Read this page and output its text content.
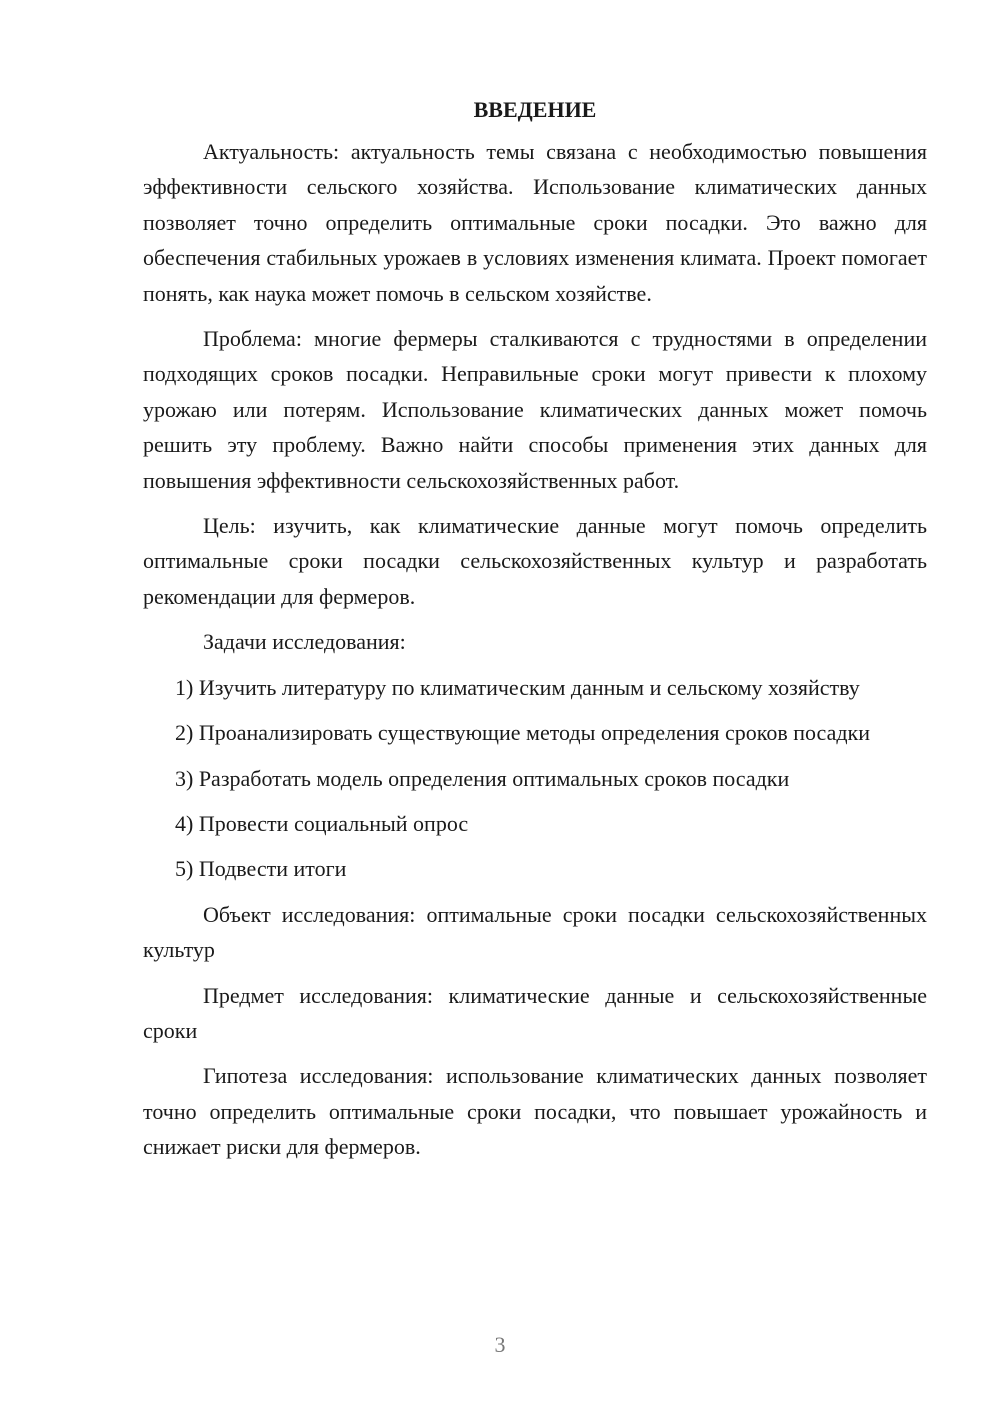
ВВЕДЕНИЕ

Актуальность: актуальность темы связана с необходимостью повышения эффективности сельского хозяйства. Использование климатических данных позволяет точно определить оптимальные сроки посадки. Это важно для обеспечения стабильных урожаев в условиях изменения климата. Проект помогает понять, как наука может помочь в сельском хозяйстве.

Проблема: многие фермеры сталкиваются с трудностями в определении подходящих сроков посадки. Неправильные сроки могут привести к плохому урожаю или потерям. Использование климатических данных может помочь решить эту проблему. Важно найти способы применения этих данных для повышения эффективности сельскохозяйственных работ.

Цель: изучить, как климатические данные могут помочь определить оптимальные сроки посадки сельскохозяйственных культур и разработать рекомендации для фермеров.

Задачи исследования:

1) Изучить литературу по климатическим данным и сельскому хозяйству

2) Проанализировать существующие методы определения сроков посадки

3) Разработать модель определения оптимальных сроков посадки

4) Провести социальный опрос

5) Подвести итоги

Объект исследования: оптимальные сроки посадки сельскохозяйственных культур

Предмет исследования: климатические данные и сельскохозяйственные сроки

Гипотеза исследования: использование климатических данных позволяет точно определить оптимальные сроки посадки, что повышает урожайность и снижает риски для фермеров.

3
